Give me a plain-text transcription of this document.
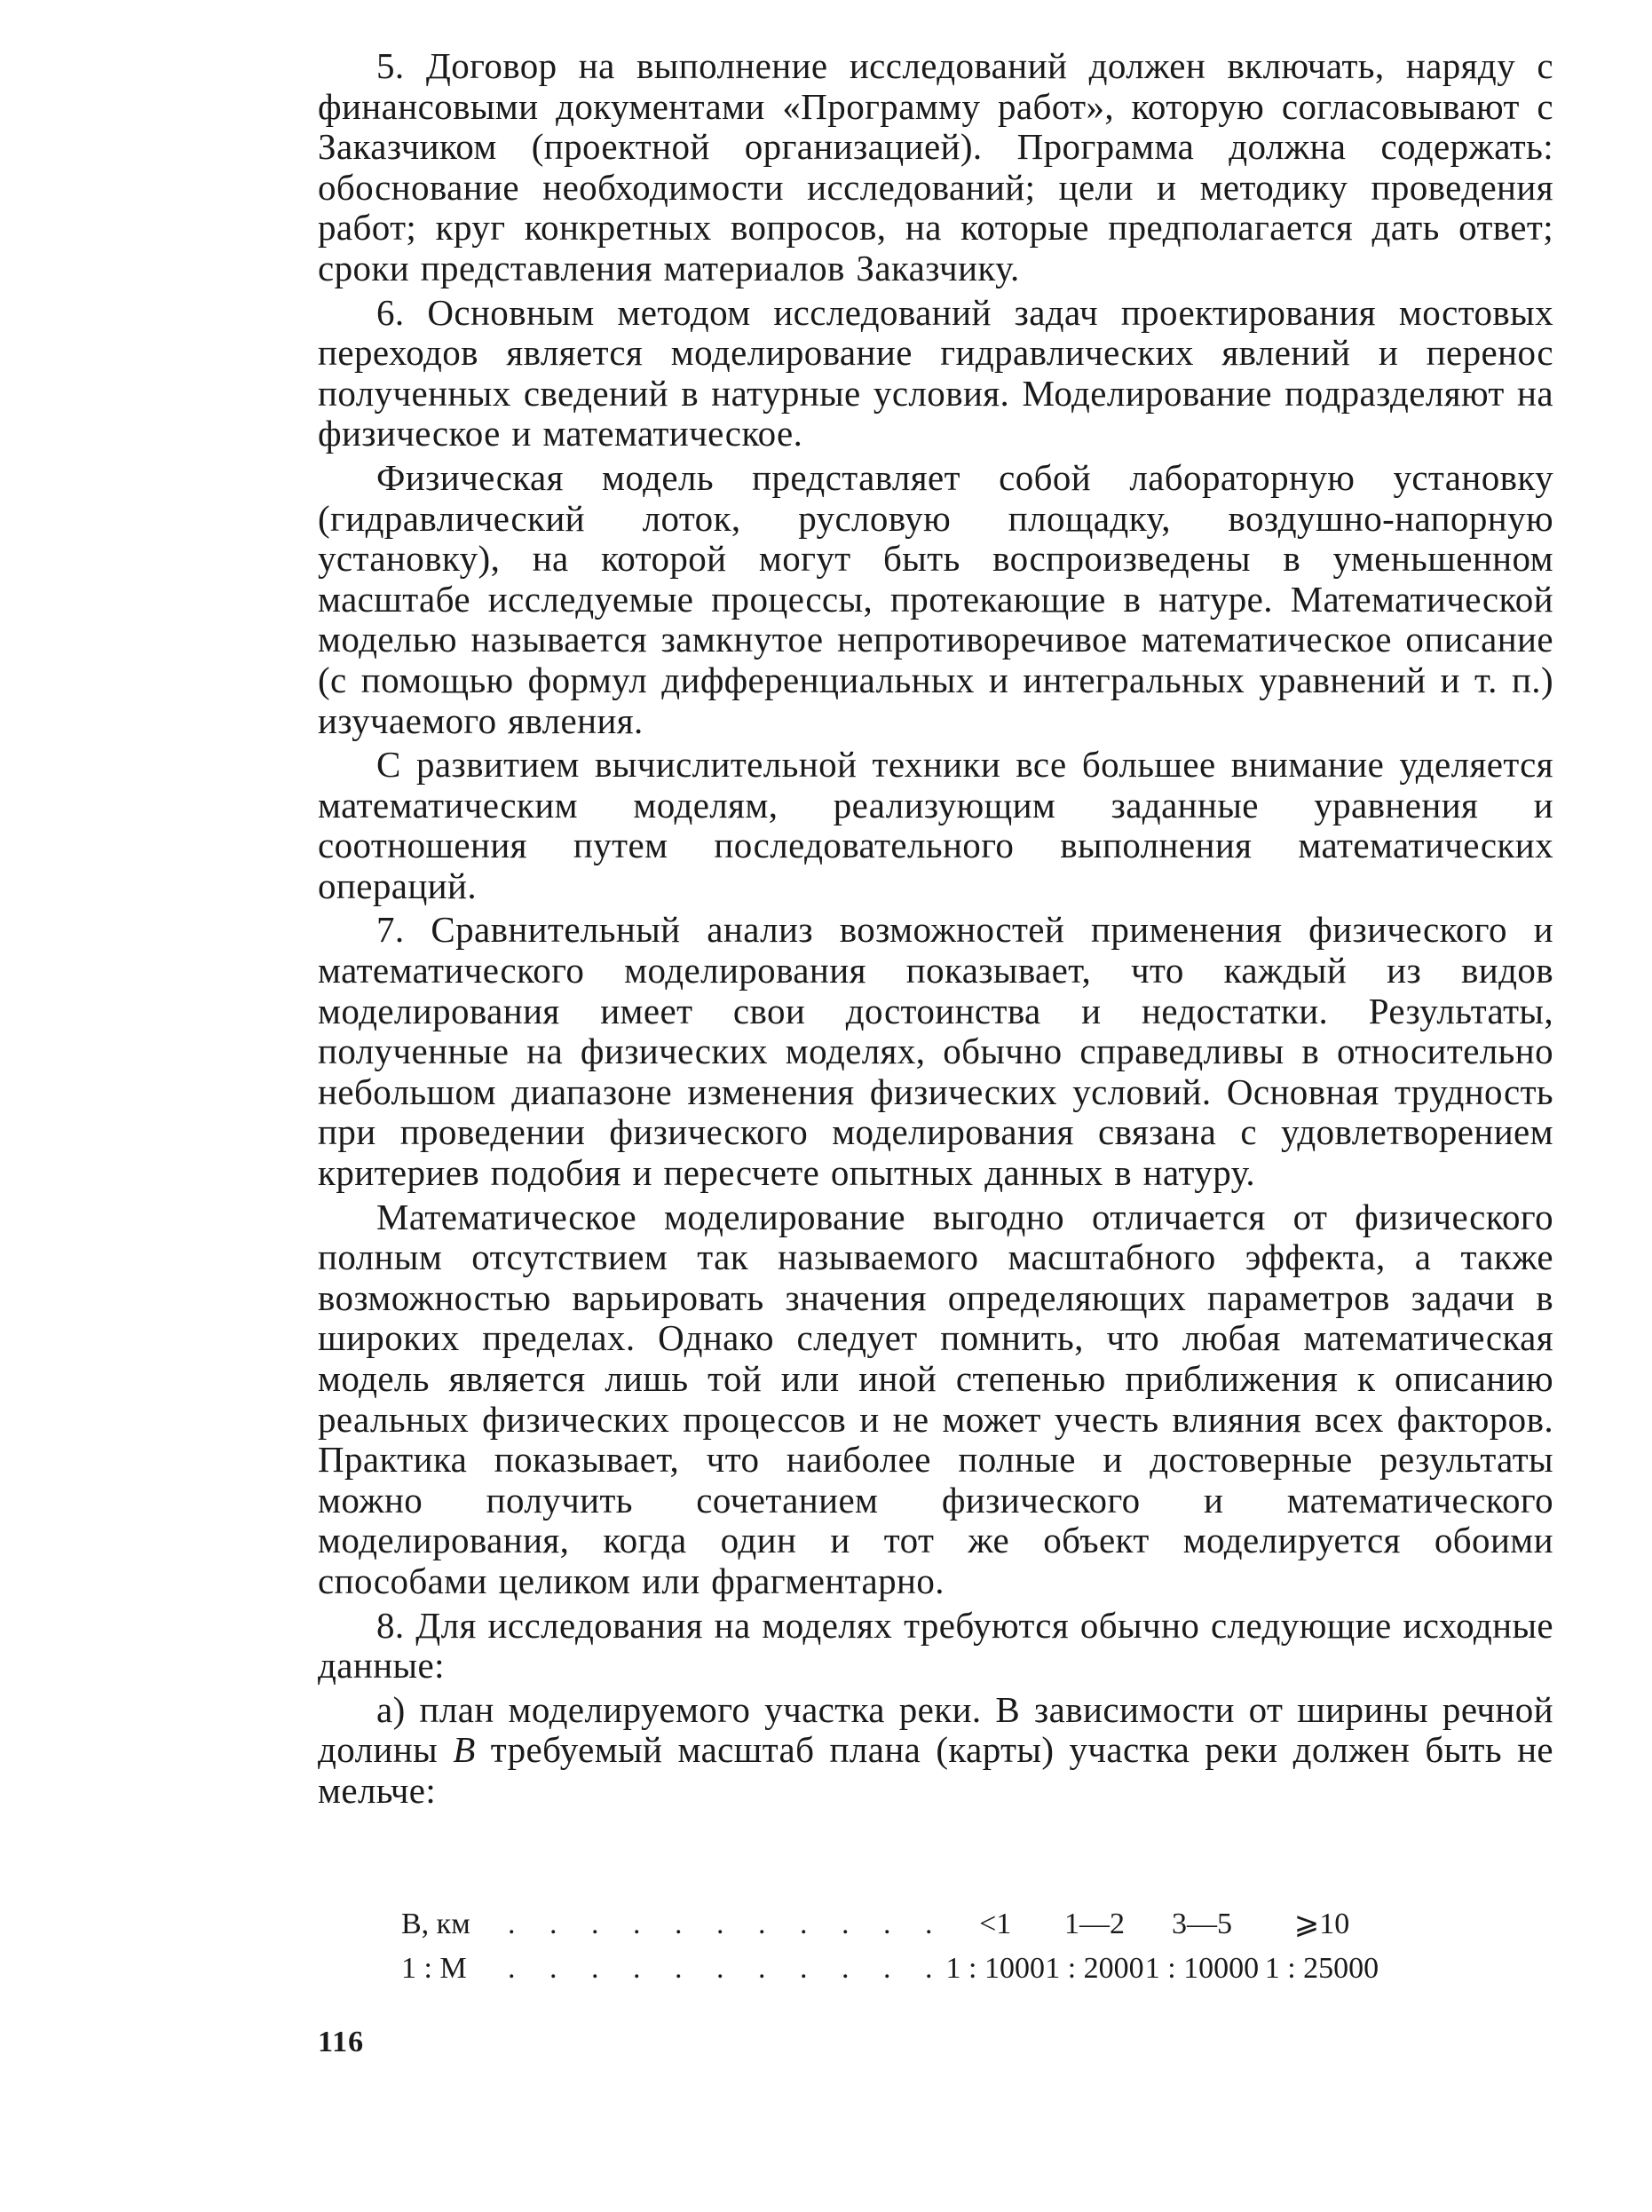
5. Договор на выполнение исследований должен включать, наряду с финансовыми документами «Программу работ», которую согласовывают с Заказчиком (проектной организацией). Программа должна содержать: обоснование необходимости исследований; цели и методику проведения работ; круг конкретных вопросов, на которые предполагается дать ответ; сроки представления материалов Заказчику.

6. Основным методом исследований задач проектирования мостовых переходов является моделирование гидравлических явлений и перенос полученных сведений в натурные условия. Моделирование подразделяют на физическое и математическое.

Физическая модель представляет собой лабораторную установку (гидравлический лоток, русловую площадку, воздушно-напорную установку), на которой могут быть воспроизведены в уменьшенном масштабе исследуемые процессы, протекающие в натуре. Математической моделью называется замкнутое непротиворечивое математическое описание (с помощью формул дифференциальных и интегральных уравнений и т. п.) изучаемого явления.

С развитием вычислительной техники все большее внимание уделяется математическим моделям, реализующим заданные уравнения и соотношения путем последовательного выполнения математических операций.

7. Сравнительный анализ возможностей применения физического и математического моделирования показывает, что каждый из видов моделирования имеет свои достоинства и недостатки. Результаты, полученные на физических моделях, обычно справедливы в относительно небольшом диапазоне изменения физических условий. Основная трудность при проведении физического моделирования связана с удовлетворением критериев подобия и пересчете опытных данных в натуру.

Математическое моделирование выгодно отличается от физического полным отсутствием так называемого масштабного эффекта, а также возможностью варьировать значения определяющих параметров задачи в широких пределах. Однако следует помнить, что любая математическая модель является лишь той или иной степенью приближения к описанию реальных физических процессов и не может учесть влияния всех факторов. Практика показывает, что наиболее полные и достоверные результаты можно получить сочетанием физического и математического моделирования, когда один и тот же объект моделируется обоими способами целиком или фрагментарно.

8. Для исследования на моделях требуются обычно следующие исходные данные:

а) план моделируемого участка реки. В зависимости от ширины речной долины В требуемый масштаб плана (карты) участка реки должен быть не мельче:

B, км	. . . . . . . . . . .	<1	1—2	3—5	⩾10
1 : M	. . . . . . . . . . .	1 : 1000	1 : 2000	1 : 10000	1 : 25000
116
